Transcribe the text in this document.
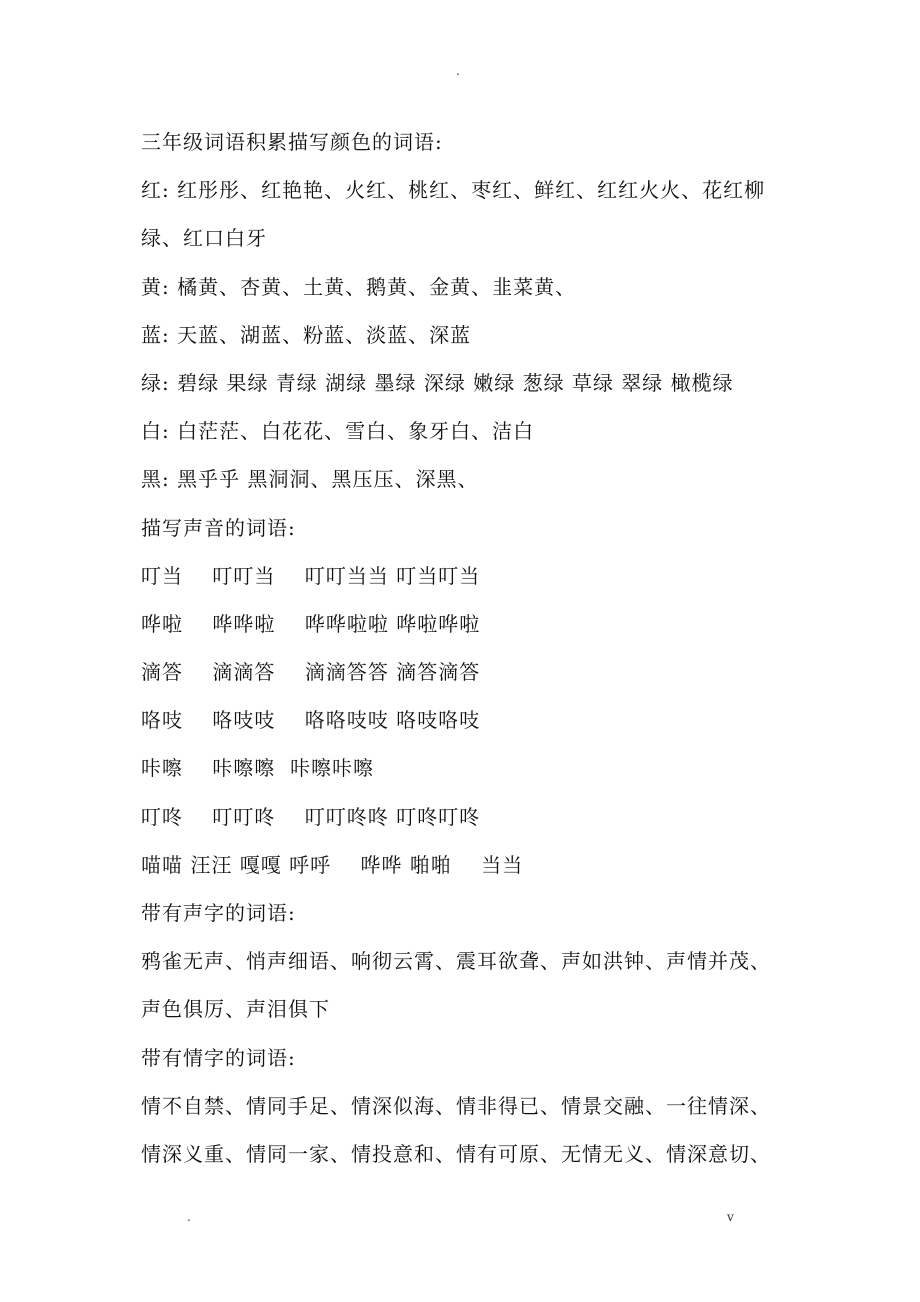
.
三年级词语积累描写颜色的词语:
红: 红彤彤、红艳艳、火红、桃红、枣红、鲜红、红红火火、花红柳
绿、红口白牙
黄: 橘黄、杏黄、土黄、鹅黄、金黄、韭菜黄、
蓝: 天蓝、湖蓝、粉蓝、淡蓝、深蓝
绿: 碧绿 果绿 青绿 湖绿 墨绿 深绿 嫩绿 葱绿 草绿 翠绿 橄榄绿
白: 白茫茫、白花花、雪白、象牙白、洁白
黑: 黑乎乎 黑洞洞、黑压压、深黑、
描写声音的词语:
叮当    叮叮当    叮叮当当 叮当叮当
哗啦    哗哗啦    哗哗啦啦 哗啦哗啦
滴答    滴滴答    滴滴答答 滴答滴答
咯吱    咯吱吱    咯咯吱吱 咯吱咯吱
咔嚓    咔嚓嚓  咔嚓咔嚓
叮咚    叮叮咚    叮叮咚咚 叮咚叮咚
喵喵 汪汪 嘎嘎 呼呼    哗哗 啪啪    当当
带有声字的词语:
鸦雀无声、悄声细语、响彻云霄、震耳欲聋、声如洪钟、声情并茂、
声色俱厉、声泪俱下
带有情字的词语:
情不自禁、情同手足、情深似海、情非得已、情景交融、一往情深、
情深义重、情同一家、情投意和、情有可原、无情无义、情深意切、
.	v
